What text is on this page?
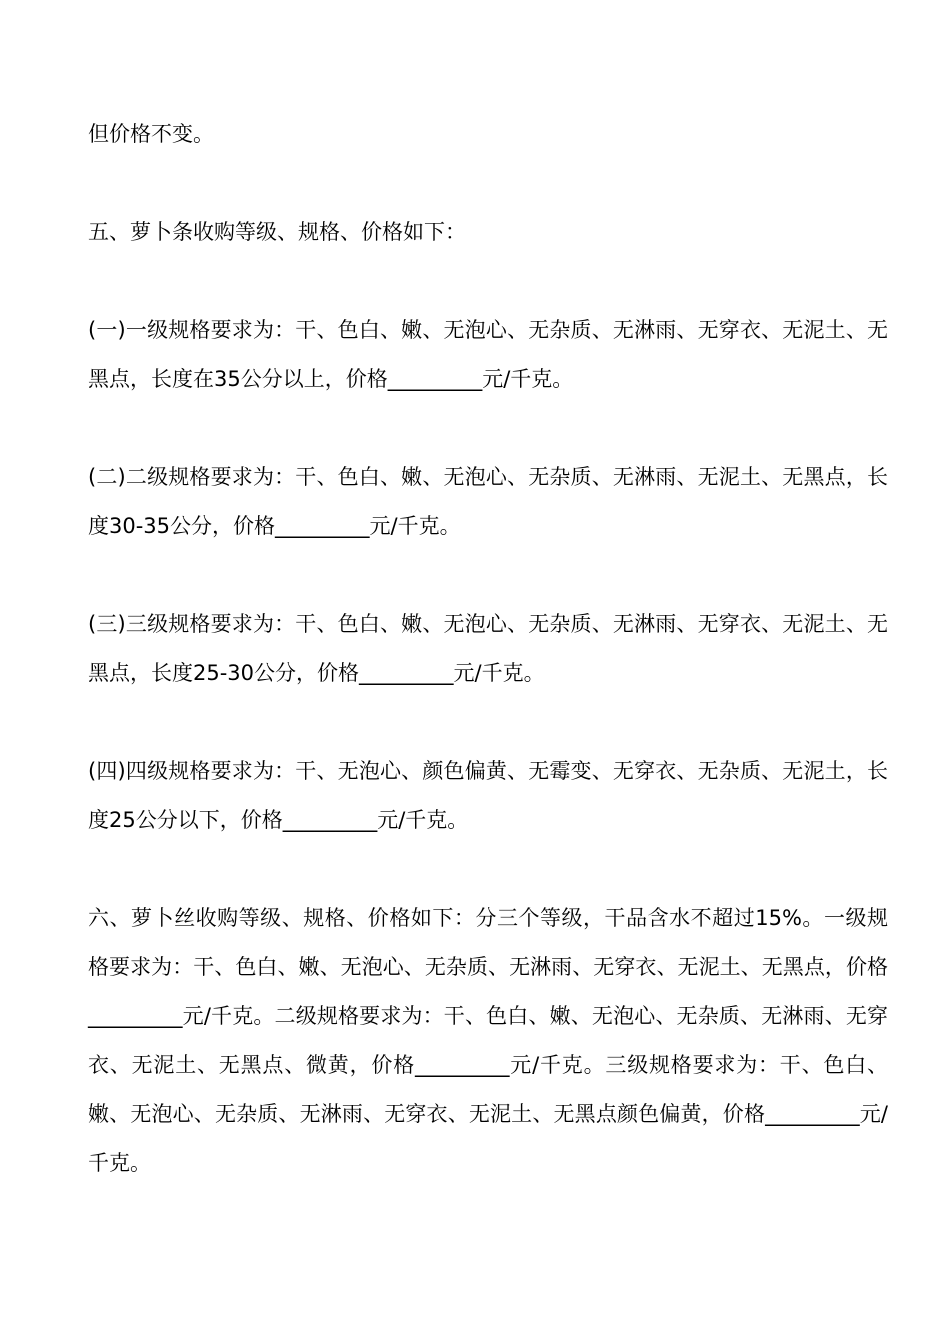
但价格不变。

五、萝卜条收购等级、规格、价格如下：

(一)一级规格要求为：干、色白、嫩、无泡心、无杂质、无淋雨、无穿衣、无泥土、无黑点，长度在35公分以上，价格_________元/千克。

(二)二级规格要求为：干、色白、嫩、无泡心、无杂质、无淋雨、无泥土、无黑点，长度30-35公分，价格_________元/千克。

(三)三级规格要求为：干、色白、嫩、无泡心、无杂质、无淋雨、无穿衣、无泥土、无黑点，长度25-30公分，价格_________元/千克。

(四)四级规格要求为：干、无泡心、颜色偏黄、无霉变、无穿衣、无杂质、无泥土，长度25公分以下，价格_________元/千克。

六、萝卜丝收购等级、规格、价格如下：分三个等级，干品含水不超过15%。一级规格要求为：干、色白、嫩、无泡心、无杂质、无淋雨、无穿衣、无泥土、无黑点，价格_________元/千克。二级规格要求为：干、色白、嫩、无泡心、无杂质、无淋雨、无穿衣、无泥土、无黑点、微黄，价格_________元/千克。三级规格要求为：干、色白、嫩、无泡心、无杂质、无淋雨、无穿衣、无泥土、无黑点颜色偏黄，价格_________元/千克。
